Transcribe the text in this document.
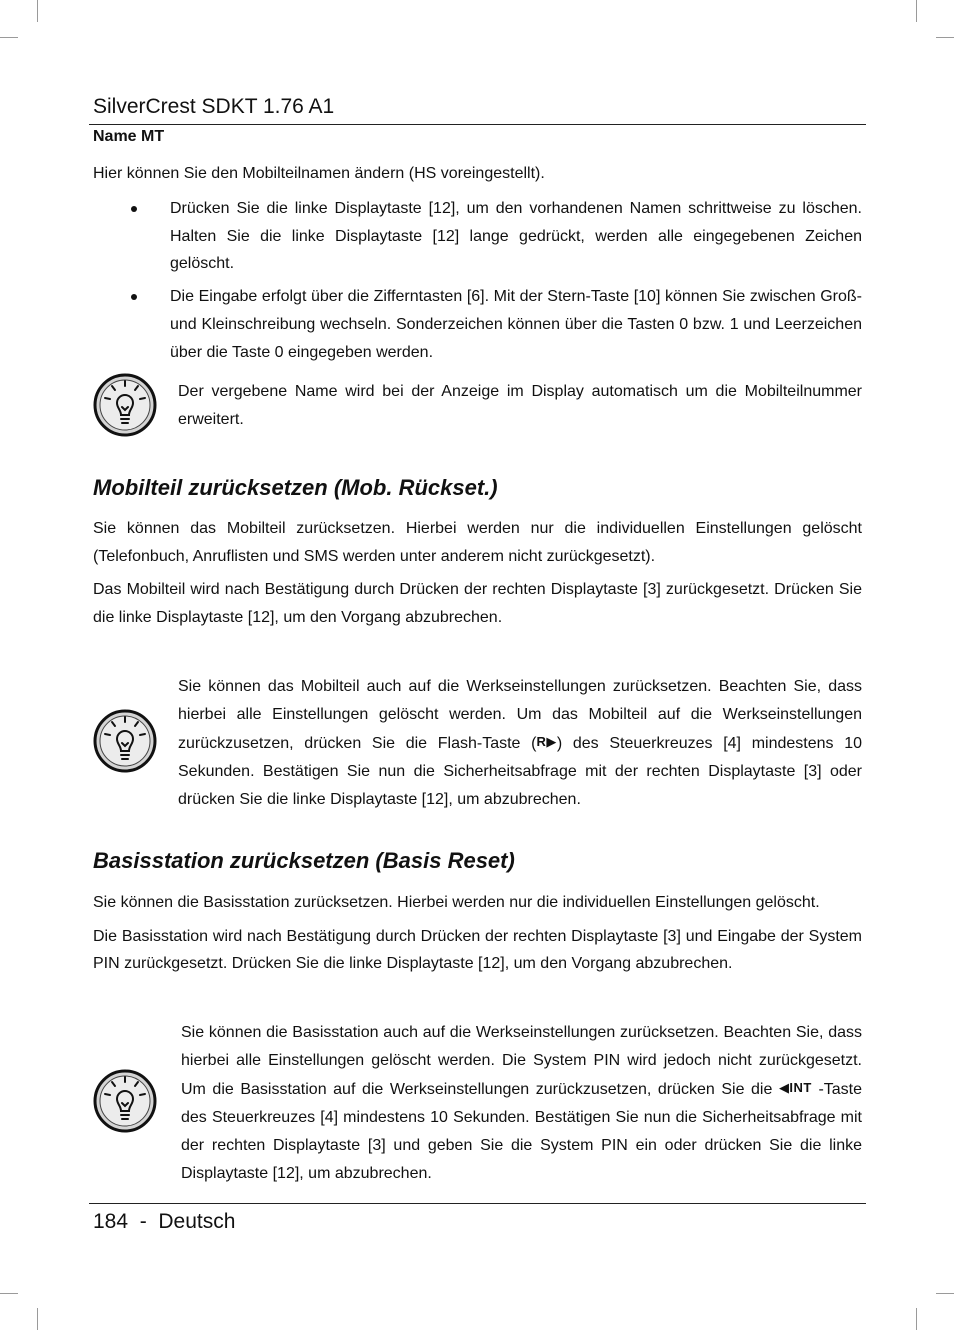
SilverCrest SDKT 1.76 A1
Name MT

Hier können Sie den Mobilteilnamen ändern (HS voreingestellt).

Drücken Sie die linke Displaytaste [12], um den vorhandenen Namen schrittweise zu löschen. Halten Sie die linke Displaytaste [12] lange gedrückt, werden alle eingegebenen Zeichen gelöscht.
Die Eingabe erfolgt über die Zifferntasten [6]. Mit der Stern-Taste [10] können Sie zwischen Groß- und Kleinschreibung wechseln. Sonderzeichen können über die Tasten 0 bzw. 1 und Leerzeichen über die Taste 0 eingegeben werden.
Der vergebene Name wird bei der Anzeige im Display automatisch um die Mobilteilnummer erweitert.
Mobilteil zurücksetzen (Mob. Rückset.)

Sie können das Mobilteil zurücksetzen. Hierbei werden nur die individuellen Einstellungen gelöscht (Telefonbuch, Anruflisten und SMS werden unter anderem nicht zurückgesetzt).

Das Mobilteil wird nach Bestätigung durch Drücken der rechten Displaytaste [3] zurückgesetzt. Drücken Sie die linke Displaytaste [12], um den Vorgang abzubrechen.

Sie können das Mobilteil auch auf die Werkseinstellungen zurücksetzen. Beachten Sie, dass hierbei alle Einstellungen gelöscht werden. Um das Mobilteil auf die Werkseinstellungen zurückzusetzen, drücken Sie die Flash-Taste (R▶) des Steuerkreuzes [4] mindestens 10 Sekunden. Bestätigen Sie nun die Sicherheitsabfrage mit der rechten Displaytaste [3] oder drücken Sie die linke Displaytaste [12], um abzubrechen.
Basisstation zurücksetzen (Basis Reset)

Sie können die Basisstation zurücksetzen. Hierbei werden nur die individuellen Einstellungen gelöscht.

Die Basisstation wird nach Bestätigung durch Drücken der rechten Displaytaste [3] und Eingabe der System PIN zurückgesetzt. Drücken Sie die linke Displaytaste [12], um den Vorgang abzubrechen.

Sie können die Basisstation auch auf die Werkseinstellungen zurücksetzen. Beachten Sie, dass hierbei alle Einstellungen gelöscht werden. Die System PIN wird jedoch nicht zurückgesetzt. Um die Basisstation auf die Werkseinstellungen zurückzusetzen, drücken Sie die ◀INT -Taste des Steuerkreuzes [4] mindestens 10 Sekunden. Bestätigen Sie nun die Sicherheitsabfrage mit der rechten Displaytaste [3] und geben Sie die System PIN ein oder drücken Sie die linke Displaytaste [12], um abzubrechen.
184  -  Deutsch
